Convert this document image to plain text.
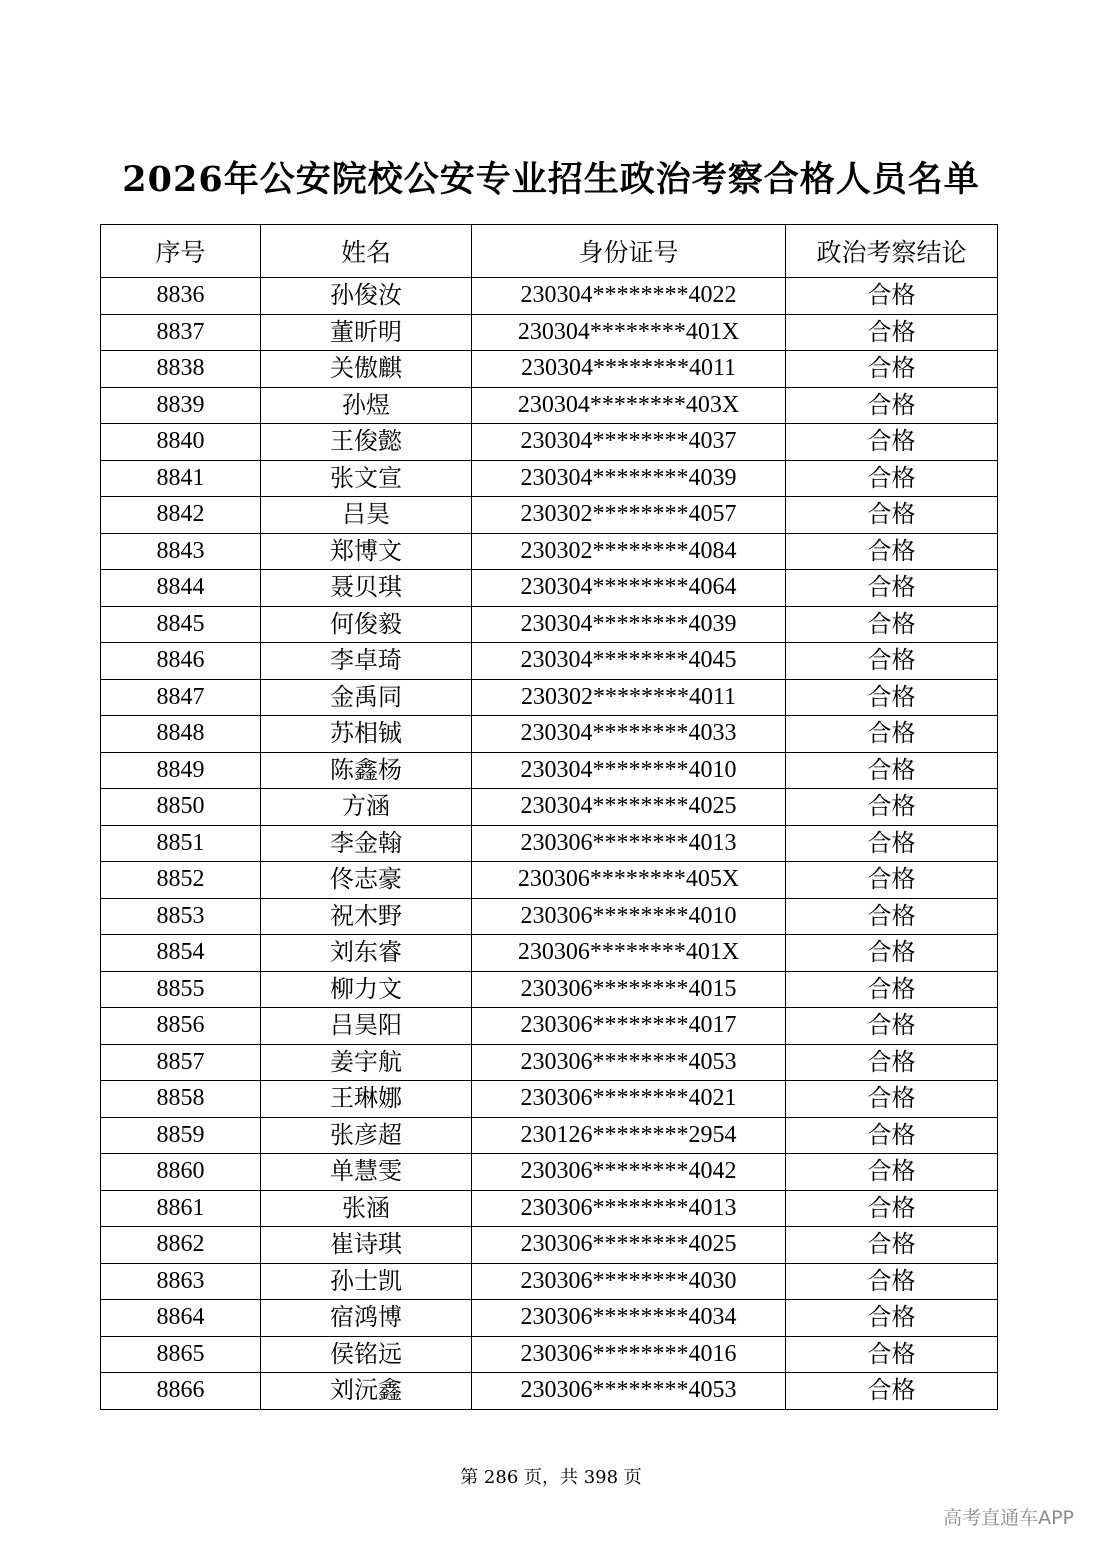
2026年公安院校公安专业招生政治考察合格人员名单
序号	姓名	身份证号	政治考察结论
8836	孙俊汝	230304********4022	合格
8837	董昕明	230304********401X	合格
8838	关傲麒	230304********4011	合格
8839	孙煜	230304********403X	合格
8840	王俊懿	230304********4037	合格
8841	张文宣	230304********4039	合格
8842	吕昊	230302********4057	合格
8843	郑博文	230302********4084	合格
8844	聂贝琪	230304********4064	合格
8845	何俊毅	230304********4039	合格
8846	李卓琦	230304********4045	合格
8847	金禹同	230302********4011	合格
8848	苏相铖	230304********4033	合格
8849	陈鑫杨	230304********4010	合格
8850	方涵	230304********4025	合格
8851	李金翰	230306********4013	合格
8852	佟志豪	230306********405X	合格
8853	祝木野	230306********4010	合格
8854	刘东睿	230306********401X	合格
8855	柳力文	230306********4015	合格
8856	吕昊阳	230306********4017	合格
8857	姜宇航	230306********4053	合格
8858	王琳娜	230306********4021	合格
8859	张彦超	230126********2954	合格
8860	单慧雯	230306********4042	合格
8861	张涵	230306********4013	合格
8862	崔诗琪	230306********4025	合格
8863	孙士凯	230306********4030	合格
8864	宿鸿博	230306********4034	合格
8865	侯铭远	230306********4016	合格
8866	刘沅鑫	230306********4053	合格
第 286 页，共 398 页
高考直通车APP
